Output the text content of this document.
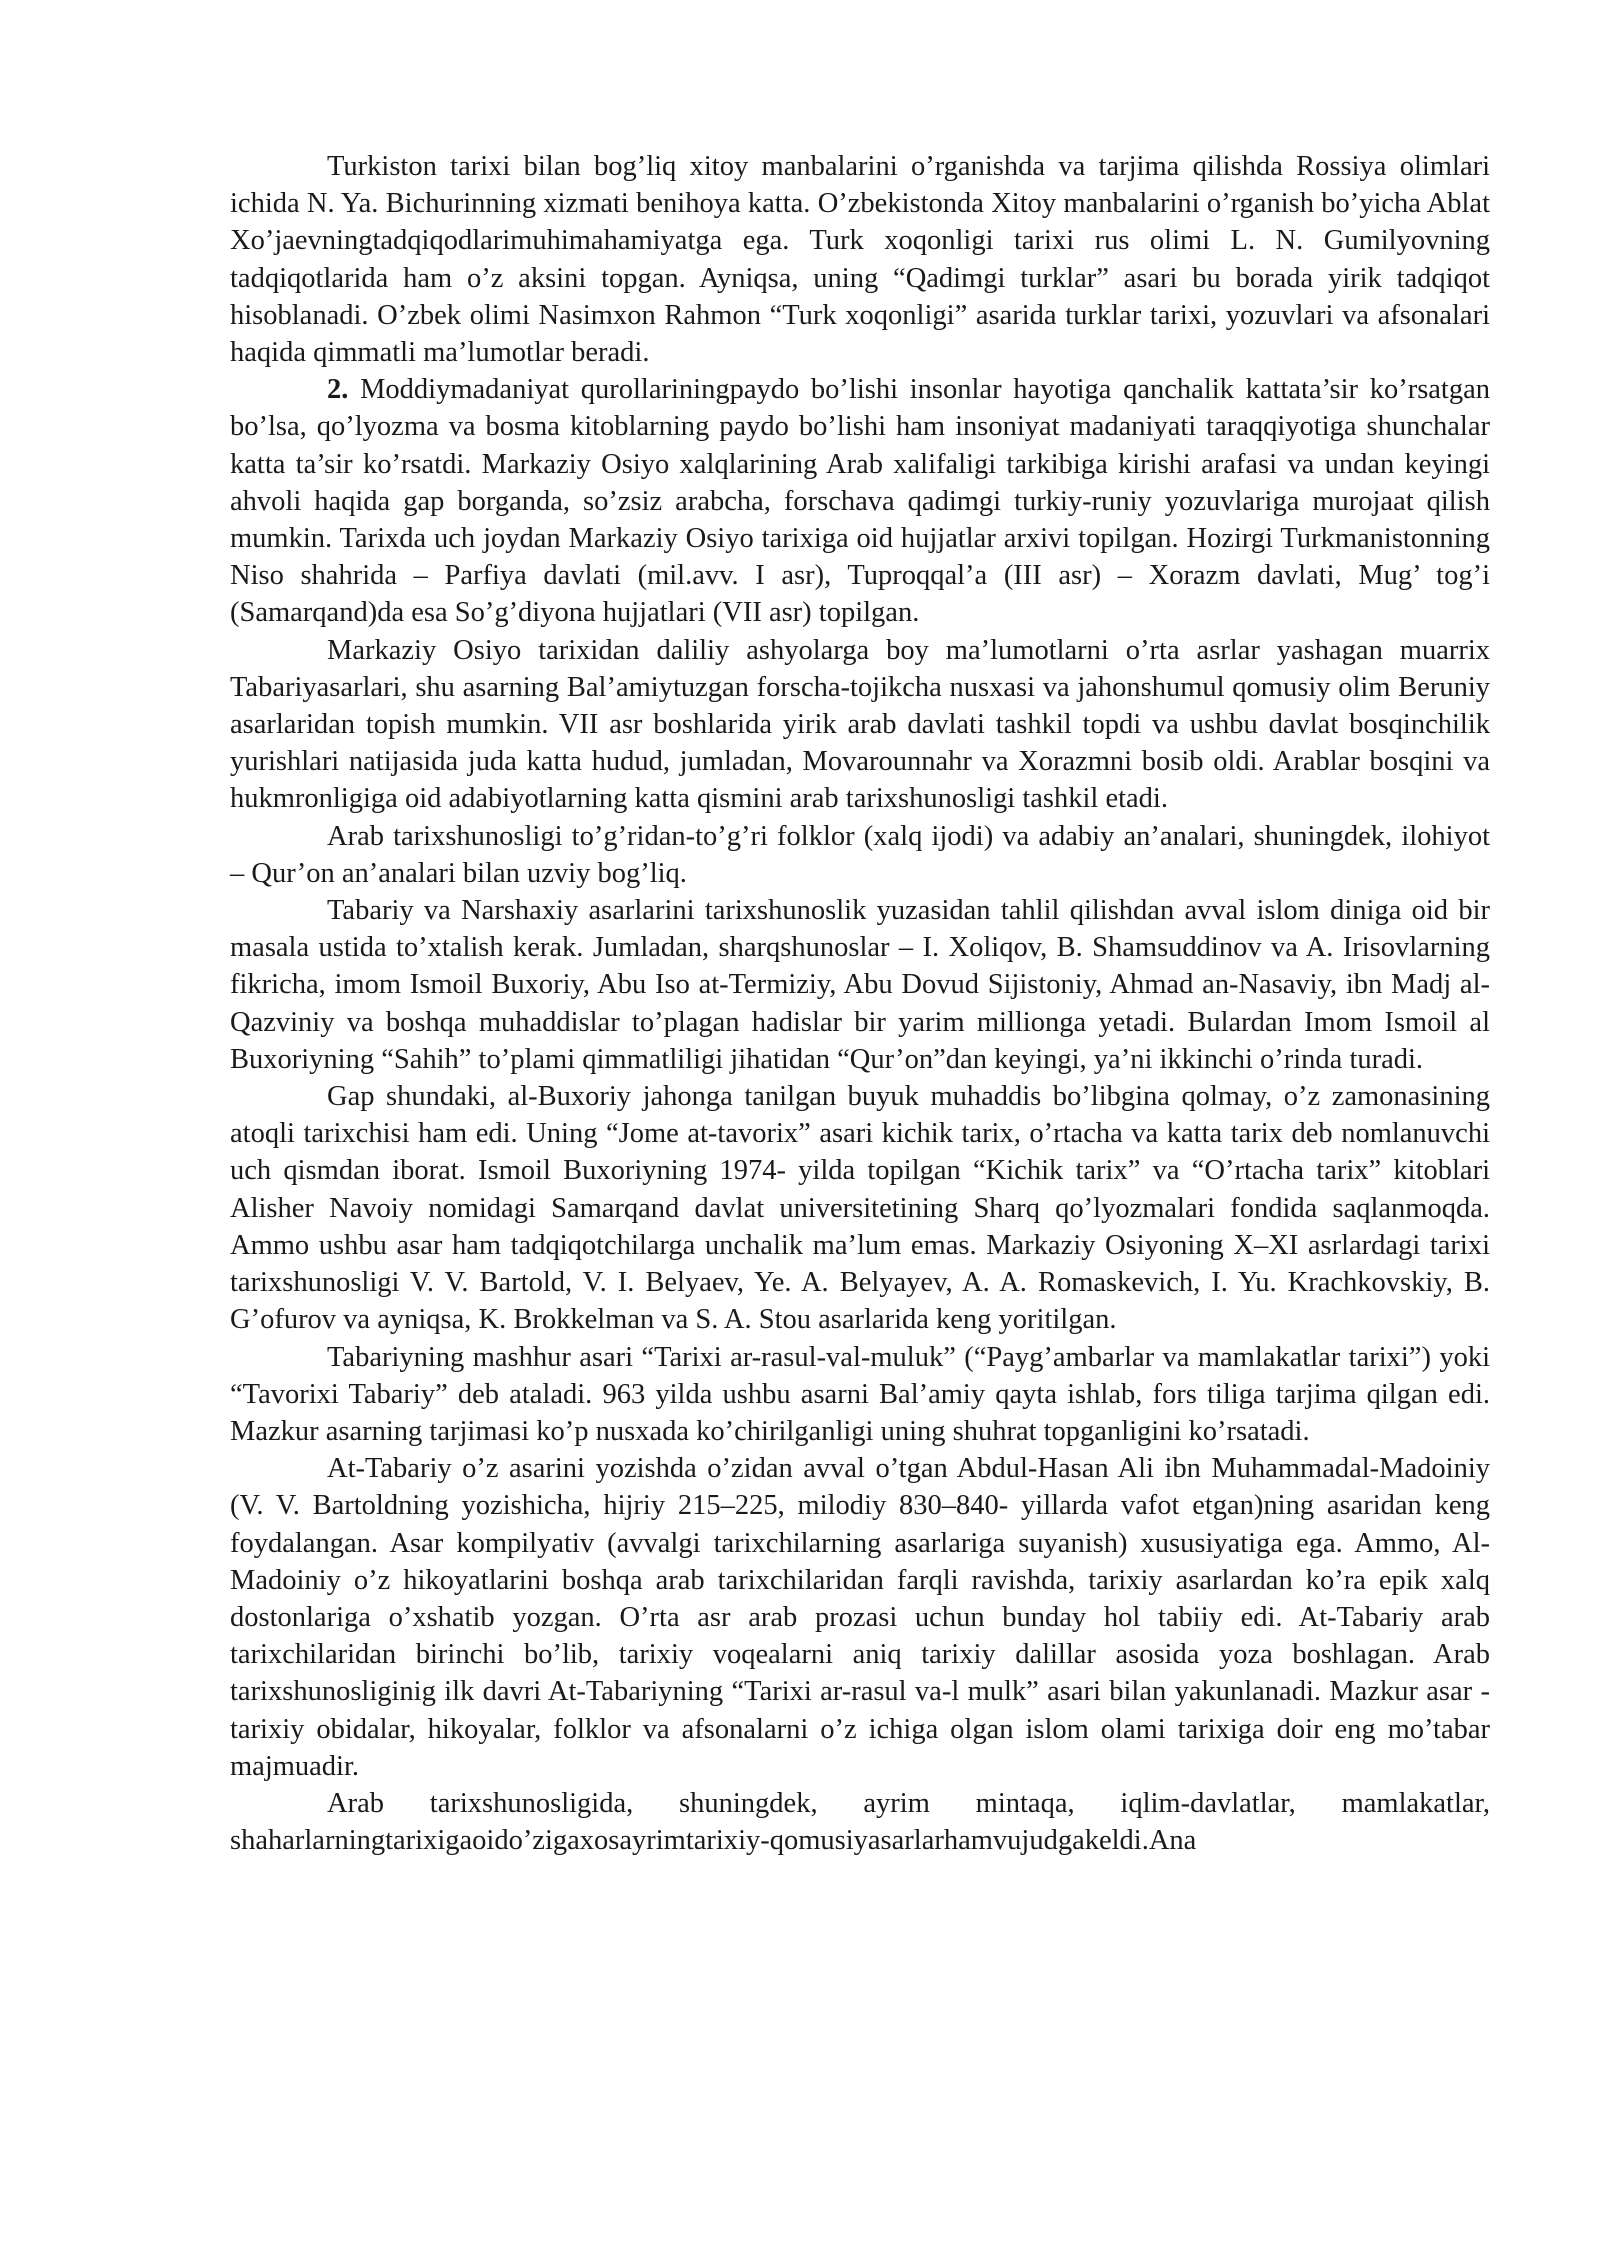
Turkiston tarixi bilan bog’liq xitoy manbalarini o’rganishda va tarjima qilishda Rossiya olimlari ichida N. Ya. Bichurinning xizmati benihoya katta. O’zbekistonda Xitoy manbalarini o’rganish bo’yicha Ablat Xo’jaevningtadqiqodlarimuhimahamiyatga ega. Turk xoqonligi tarixi rus olimi L. N. Gumilyovning tadqiqotlarida ham o’z aksini topgan. Ayniqsa, uning “Qadimgi turklar” asari bu borada yirik tadqiqot hisoblanadi. O’zbek olimi Nasimxon Rahmon “Turk xoqonligi” asarida turklar tarixi, yozuvlari va afsonalari haqida qimmatli ma’lumotlar beradi.

2. Moddiymadaniyat qurollariningpaydo bo’lishi insonlar hayotiga qanchalik kattata’sir ko’rsatgan bo’lsa, qo’lyozma va bosma kitoblarning paydo bo’lishi ham insoniyat madaniyati taraqqiyotiga shunchalar katta ta’sir ko’rsatdi. Markaziy Osiyo xalqlarining Arab xalifaligi tarkibiga kirishi arafasi va undan keyingi ahvoli haqida gap borganda, so’zsiz arabcha, forschava qadimgi turkiy-runiy yozuvlariga murojaat qilish mumkin. Tarixda uch joydan Markaziy Osiyo tarixiga oid hujjatlar arxivi topilgan. Hozirgi Turkmanistonning Niso shahrida – Parfiya davlati (mil.avv. I asr), Tuproqqal’a (III asr) – Xorazm davlati, Mug’ tog’i (Samarqand)da esa So’g’diyona hujjatlari (VII asr) topilgan.

Markaziy Osiyo tarixidan daliliy ashyolarga boy ma’lumotlarni o’rta asrlar yashagan muarrix Tabariyasarlari, shu asarning Bal’amiytuzgan forscha-tojikcha nusxasi va jahonshumul qomusiy olim Beruniy asarlaridan topish mumkin. VII asr boshlarida yirik arab davlati tashkil topdi va ushbu davlat bosqinchilik yurishlari natijasida juda katta hudud, jumladan, Movarounnahr va Xorazmni bosib oldi. Arablar bosqini va hukmronligiga oid adabiyotlarning katta qismini arab tarixshunosligi tashkil etadi.

Arab tarixshunosligi to’g’ridan-to’g’ri folklor (xalq ijodi) va adabiy an’analari, shuningdek, ilohiyot – Qur’on an’analari bilan uzviy bog’liq.

Tabariy va Narshaxiy asarlarini tarixshunoslik yuzasidan tahlil qilishdan avval islom diniga oid bir masala ustida to’xtalish kerak. Jumladan, sharqshunoslar – I. Xoliqov, B. Shamsuddinov va A. Irisovlarning fikricha, imom Ismoil Buxoriy, Abu Iso at-Termiziy, Abu Dovud Sijistoniy, Ahmad an-Nasaviy, ibn Madj al-Qazviniy va boshqa muhaddislar to’plagan hadislar bir yarim millionga yetadi. Bulardan Imom Ismoil al Buxoriyning “Sahih” to’plami qimmatliligi jihatidan “Qur’on”dan keyingi, ya’ni ikkinchi o’rinda turadi.

Gap shundaki, al-Buxoriy jahonga tanilgan buyuk muhaddis bo’libgina qolmay, o’z zamonasining atoqli tarixchisi ham edi. Uning “Jome at-tavorix” asari kichik tarix, o’rtacha va katta tarix deb nomlanuvchi uch qismdan iborat. Ismoil Buxoriyning 1974- yilda topilgan “Kichik tarix” va “O’rtacha tarix” kitoblari Alisher Navoiy nomidagi Samarqand davlat universitetining Sharq qo’lyozmalari fondida saqlanmoqda. Ammo ushbu asar ham tadqiqotchilarga unchalik ma’lum emas. Markaziy Osiyoning X–XI asrlardagi tarixi tarixshunosligi V. V. Bartold, V. I. Belyaev, Ye. A. Belyayev, A. A. Romaskevich, I. Yu. Krachkovskiy, B. G’ofurov va ayniqsa, K. Brokkelman va S. A. Stou asarlarida keng yoritilgan.

Tabariyning mashhur asari “Tarixi ar-rasul-val-muluk” (“Payg’ambarlar va mamlakatlar tarixi”) yoki “Tavorixi Tabariy” deb ataladi. 963 yilda ushbu asarni Bal’amiy qayta ishlab, fors tiliga tarjima qilgan edi. Mazkur asarning tarjimasi ko’p nusxada ko’chirilganligi uning shuhrat topganligini ko’rsatadi.

At-Tabariy o’z asarini yozishda o’zidan avval o’tgan Abdul-Hasan Ali ibn Muhammadal-Madoiniy (V. V. Bartoldning yozishicha, hijriy 215–225, milodiy 830–840- yillarda vafot etgan)ning asaridan keng foydalangan. Asar kompilyativ (avvalgi tarixchilarning asarlariga suyanish) xususiyatiga ega. Ammo, Al-Madoiniy o’z hikoyatlarini boshqa arab tarixchilaridan farqli ravishda, tarixiy asarlardan ko’ra epik xalq dostonlariga o’xshatib yozgan. O’rta asr arab prozasi uchun bunday hol tabiiy edi. At-Tabariy arab tarixchilaridan birinchi bo’lib, tarixiy voqealarni aniq tarixiy dalillar asosida yoza boshlagan. Arab tarixshunosliginig ilk davri At-Tabariyning “Tarixi ar-rasul va-l mulk” asari bilan yakunlanadi. Mazkur asar -tarixiy obidalar, hikoyalar, folklor va afsonalarni o’z ichiga olgan islom olami tarixiga doir eng mo’tabar majmuadir.

Arab tarixshunosligida, shuningdek, ayrim mintaqa, iqlim-davlatlar, mamlakatlar, shaharlarningtarixigaoido’zigaxosayrimtarixiy-qomusiyasarlarhamvujudgakeldi.Ana
